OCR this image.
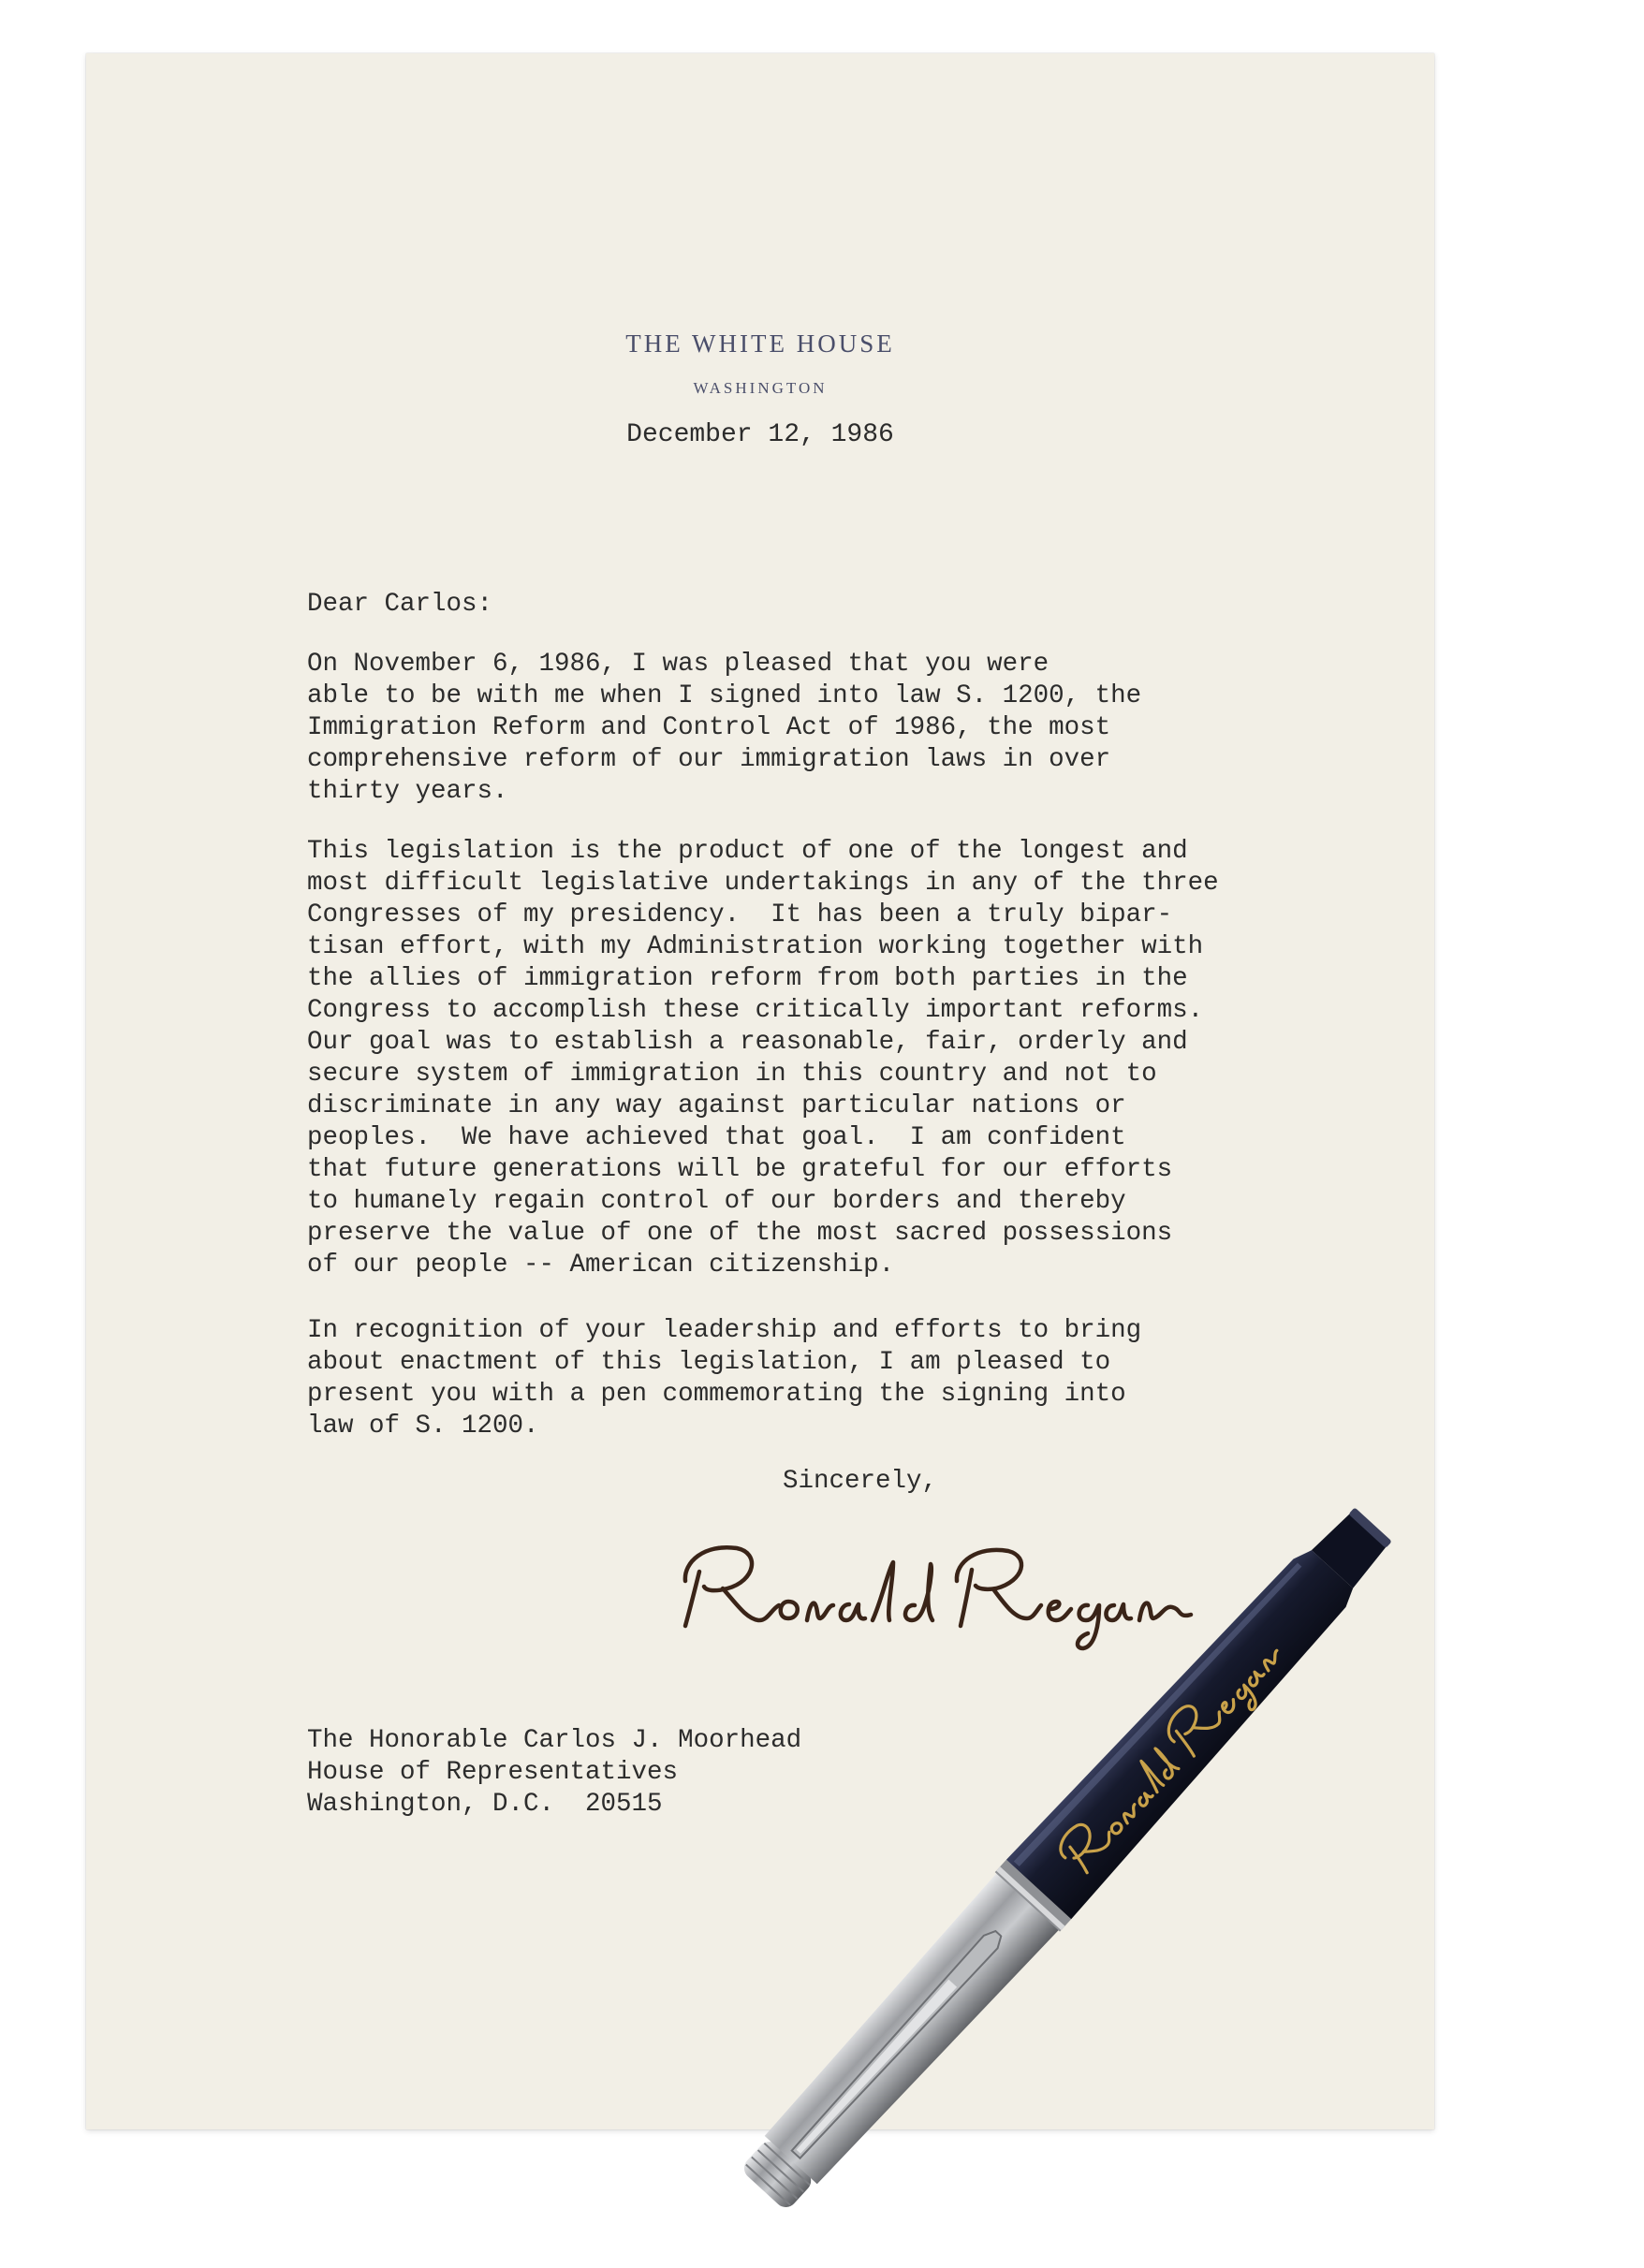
THE WHITE HOUSE
WASHINGTON
December 12, 1986

Dear Carlos:

On November 6, 1986, I was pleased that you were
able to be with me when I signed into law S. 1200, the
Immigration Reform and Control Act of 1986, the most
comprehensive reform of our immigration laws in over
thirty years.

This legislation is the product of one of the longest and
most difficult legislative undertakings in any of the three
Congresses of my presidency.  It has been a truly bipar-
tisan effort, with my Administration working together with
the allies of immigration reform from both parties in the
Congress to accomplish these critically important reforms.
Our goal was to establish a reasonable, fair, orderly and
secure system of immigration in this country and not to
discriminate in any way against particular nations or
peoples.  We have achieved that goal.  I am confident
that future generations will be grateful for our efforts
to humanely regain control of our borders and thereby
preserve the value of one of the most sacred possessions
of our people -- American citizenship.

In recognition of your leadership and efforts to bring
about enactment of this legislation, I am pleased to
present you with a pen commemorating the signing into
law of S. 1200.

Sincerely,

The Honorable Carlos J. Moorhead
House of Representatives
Washington, D.C.  20515
